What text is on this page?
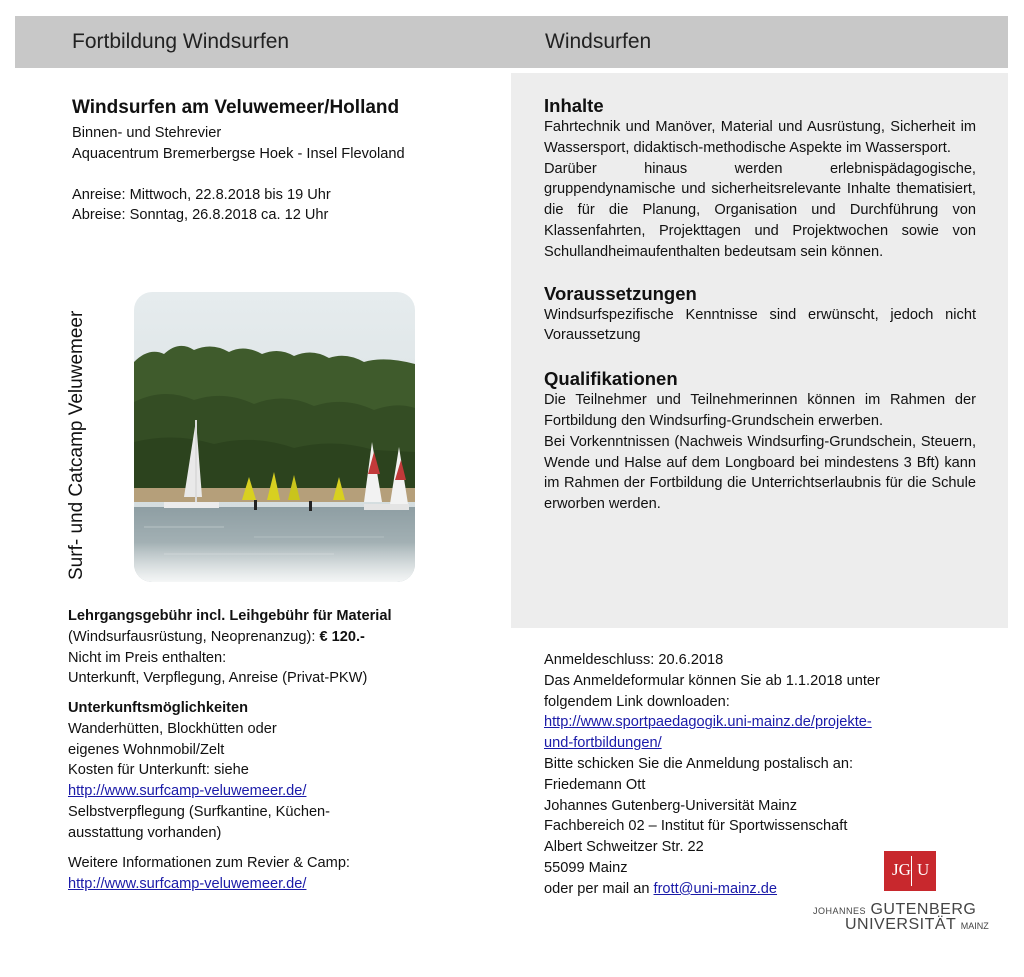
Fortbildung Windsurfen	Windsurfen
Windsurfen am Veluwemeer/Holland
Binnen- und Stehrevier
Aquacentrum Bremerbergse Hoek - Insel Flevoland
Anreise: Mittwoch, 22.8.2018 bis 19 Uhr
Abreise: Sonntag, 26.8.2018 ca. 12 Uhr
Surf- und Catcamp Veluwemeer
Lehrgangsgebühr incl. Leihgebühr für Material
(Windsurfausrüstung, Neoprenanzug): € 120.-
Nicht im Preis enthalten:
Unterkunft, Verpflegung, Anreise (Privat-PKW)
Unterkunftsmöglichkeiten
Wanderhütten, Blockhütten oder
eigenes Wohnmobil/Zelt
Kosten für Unterkunft: siehe
http://www.surfcamp-veluwemeer.de/
Selbstverpflegung (Surfkantine, Küchen-
ausstattung vorhanden)
Weitere Informationen zum Revier & Camp:
http://www.surfcamp-veluwemeer.de/
Inhalte
Fahrtechnik und Manöver, Material und Ausrüstung, Sicherheit im Wassersport, didaktisch-methodische Aspekte im Wassersport.
Darüber hinaus werden erlebnispädagogische, gruppendynamische und sicherheitsrelevante Inhalte thematisiert, die für die Planung, Organisation und Durchführung von Klassenfahrten, Projekttagen und Projektwochen sowie von Schullandheimaufenthalten bedeutsam sein können.
Voraussetzungen
Windsurfspezifische Kenntnisse sind erwünscht, jedoch nicht Voraussetzung
Qualifikationen
Die Teilnehmer und Teilnehmerinnen können im Rahmen der Fortbildung den Windsurfing-Grundschein erwerben.
Bei Vorkenntnissen (Nachweis Windsurfing-Grundschein, Steuern, Wende und Halse auf dem Longboard bei mindestens 3 Bft) kann im Rahmen der Fortbildung die Unterrichtserlaubnis für die Schule erworben werden.
Anmeldeschluss: 20.6.2018
Das Anmeldeformular können Sie ab 1.1.2018 unter
folgendem Link downloaden:
http://www.sportpaedagogik.uni-mainz.de/projekte-
und-fortbildungen/
Bitte schicken Sie die Anmeldung postalisch an:
Friedemann Ott
Johannes Gutenberg-Universität Mainz
Fachbereich 02 – Institut für Sportwissenschaft
Albert Schweitzer Str. 22
55099 Mainz
oder per mail an frott@uni-mainz.de
JG U
JOHANNES GUTENBERG
UNIVERSITÄT MAINZ
